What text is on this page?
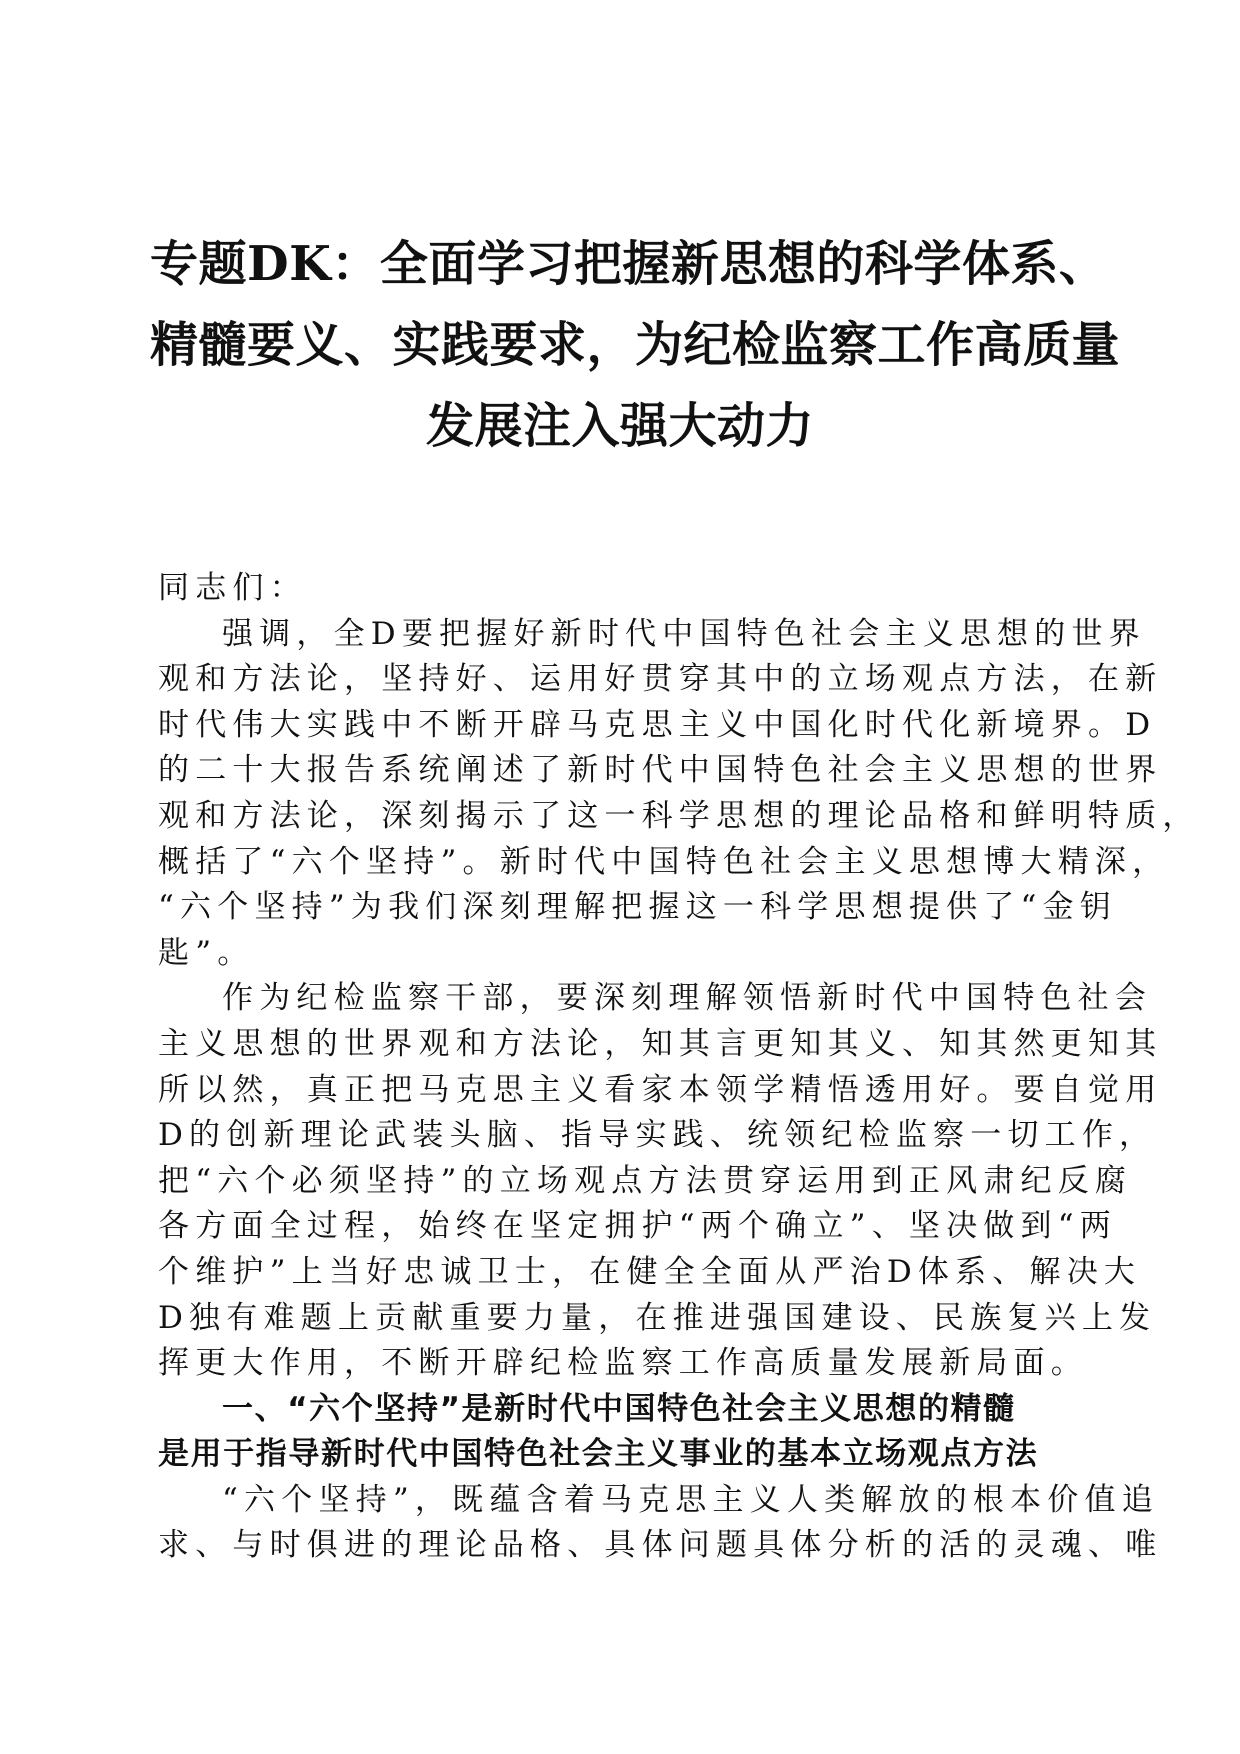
专题DK：全面学习把握新思想的科学体系、
精髓要义、实践要求，为纪检监察工作高质量
发展注入强大动力
同志们：
强调，全D要把握好新时代中国特色社会主义思想的世界
观和方法论，坚持好、运用好贯穿其中的立场观点方法，在新
时代伟大实践中不断开辟马克思主义中国化时代化新境界。D
的二十大报告系统阐述了新时代中国特色社会主义思想的世界
观和方法论，深刻揭示了这一科学思想的理论品格和鲜明特质，
概括了“六个坚持”。新时代中国特色社会主义思想博大精深，
“六个坚持”为我们深刻理解把握这一科学思想提供了“金钥
匙”。
作为纪检监察干部，要深刻理解领悟新时代中国特色社会
主义思想的世界观和方法论，知其言更知其义、知其然更知其
所以然，真正把马克思主义看家本领学精悟透用好。要自觉用
D的创新理论武装头脑、指导实践、统领纪检监察一切工作，
把“六个必须坚持”的立场观点方法贯穿运用到正风肃纪反腐
各方面全过程，始终在坚定拥护“两个确立”、坚决做到“两
个维护”上当好忠诚卫士，在健全全面从严治D体系、解决大
D独有难题上贡献重要力量，在推进强国建设、民族复兴上发
挥更大作用，不断开辟纪检监察工作高质量发展新局面。
一、“六个坚持”是新时代中国特色社会主义思想的精髓
是用于指导新时代中国特色社会主义事业的基本立场观点方法
“六个坚持”，既蕴含着马克思主义人类解放的根本价值追
求、与时俱进的理论品格、具体问题具体分析的活的灵魂、唯
